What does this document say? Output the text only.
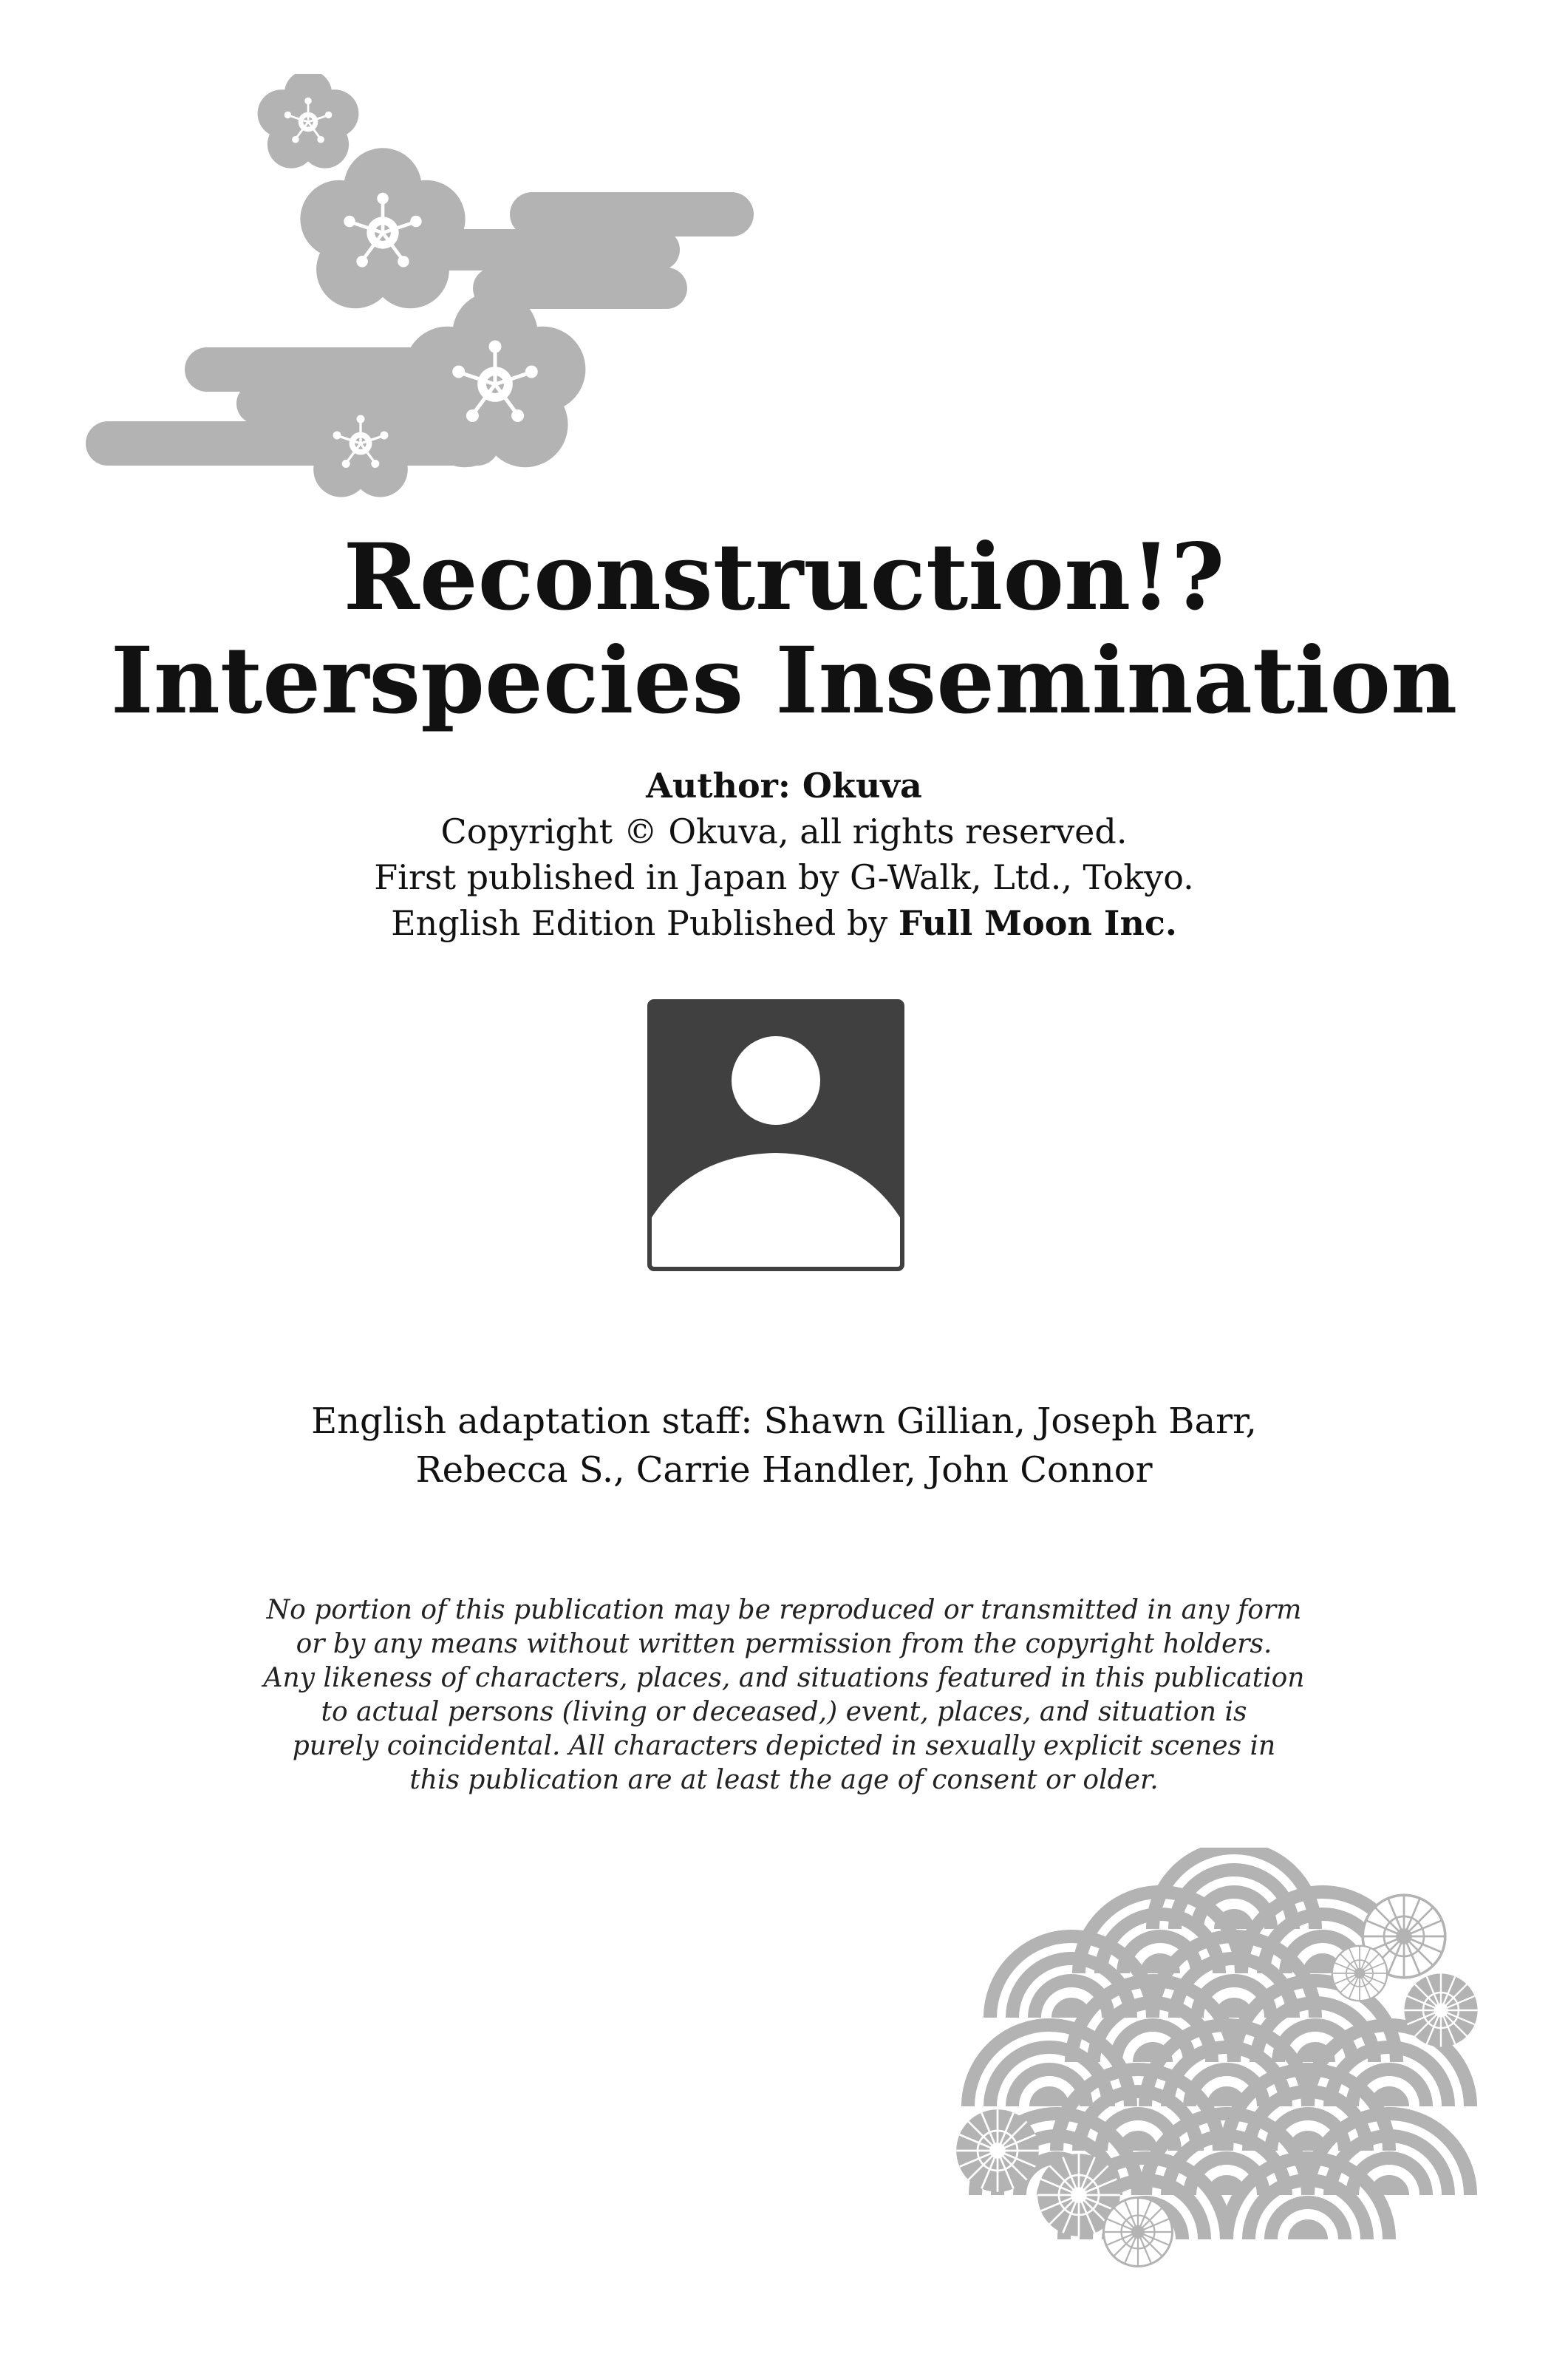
Reconstruction!?
Interspecies Insemination
Author: Okuva
Copyright © Okuva, all rights reserved.
First published in Japan by G-Walk, Ltd., Tokyo.
English Edition Published by Full Moon Inc.
English adaptation staff: Shawn Gillian, Joseph Barr,
Rebecca S., Carrie Handler, John Connor
No portion of this publication may be reproduced or transmitted in any form
or by any means without written permission from the copyright holders.
Any likeness of characters, places, and situations featured in this publication
to actual persons (living or deceased,) event, places, and situation is
purely coincidental. All characters depicted in sexually explicit scenes in
this publication are at least the age of consent or older.
